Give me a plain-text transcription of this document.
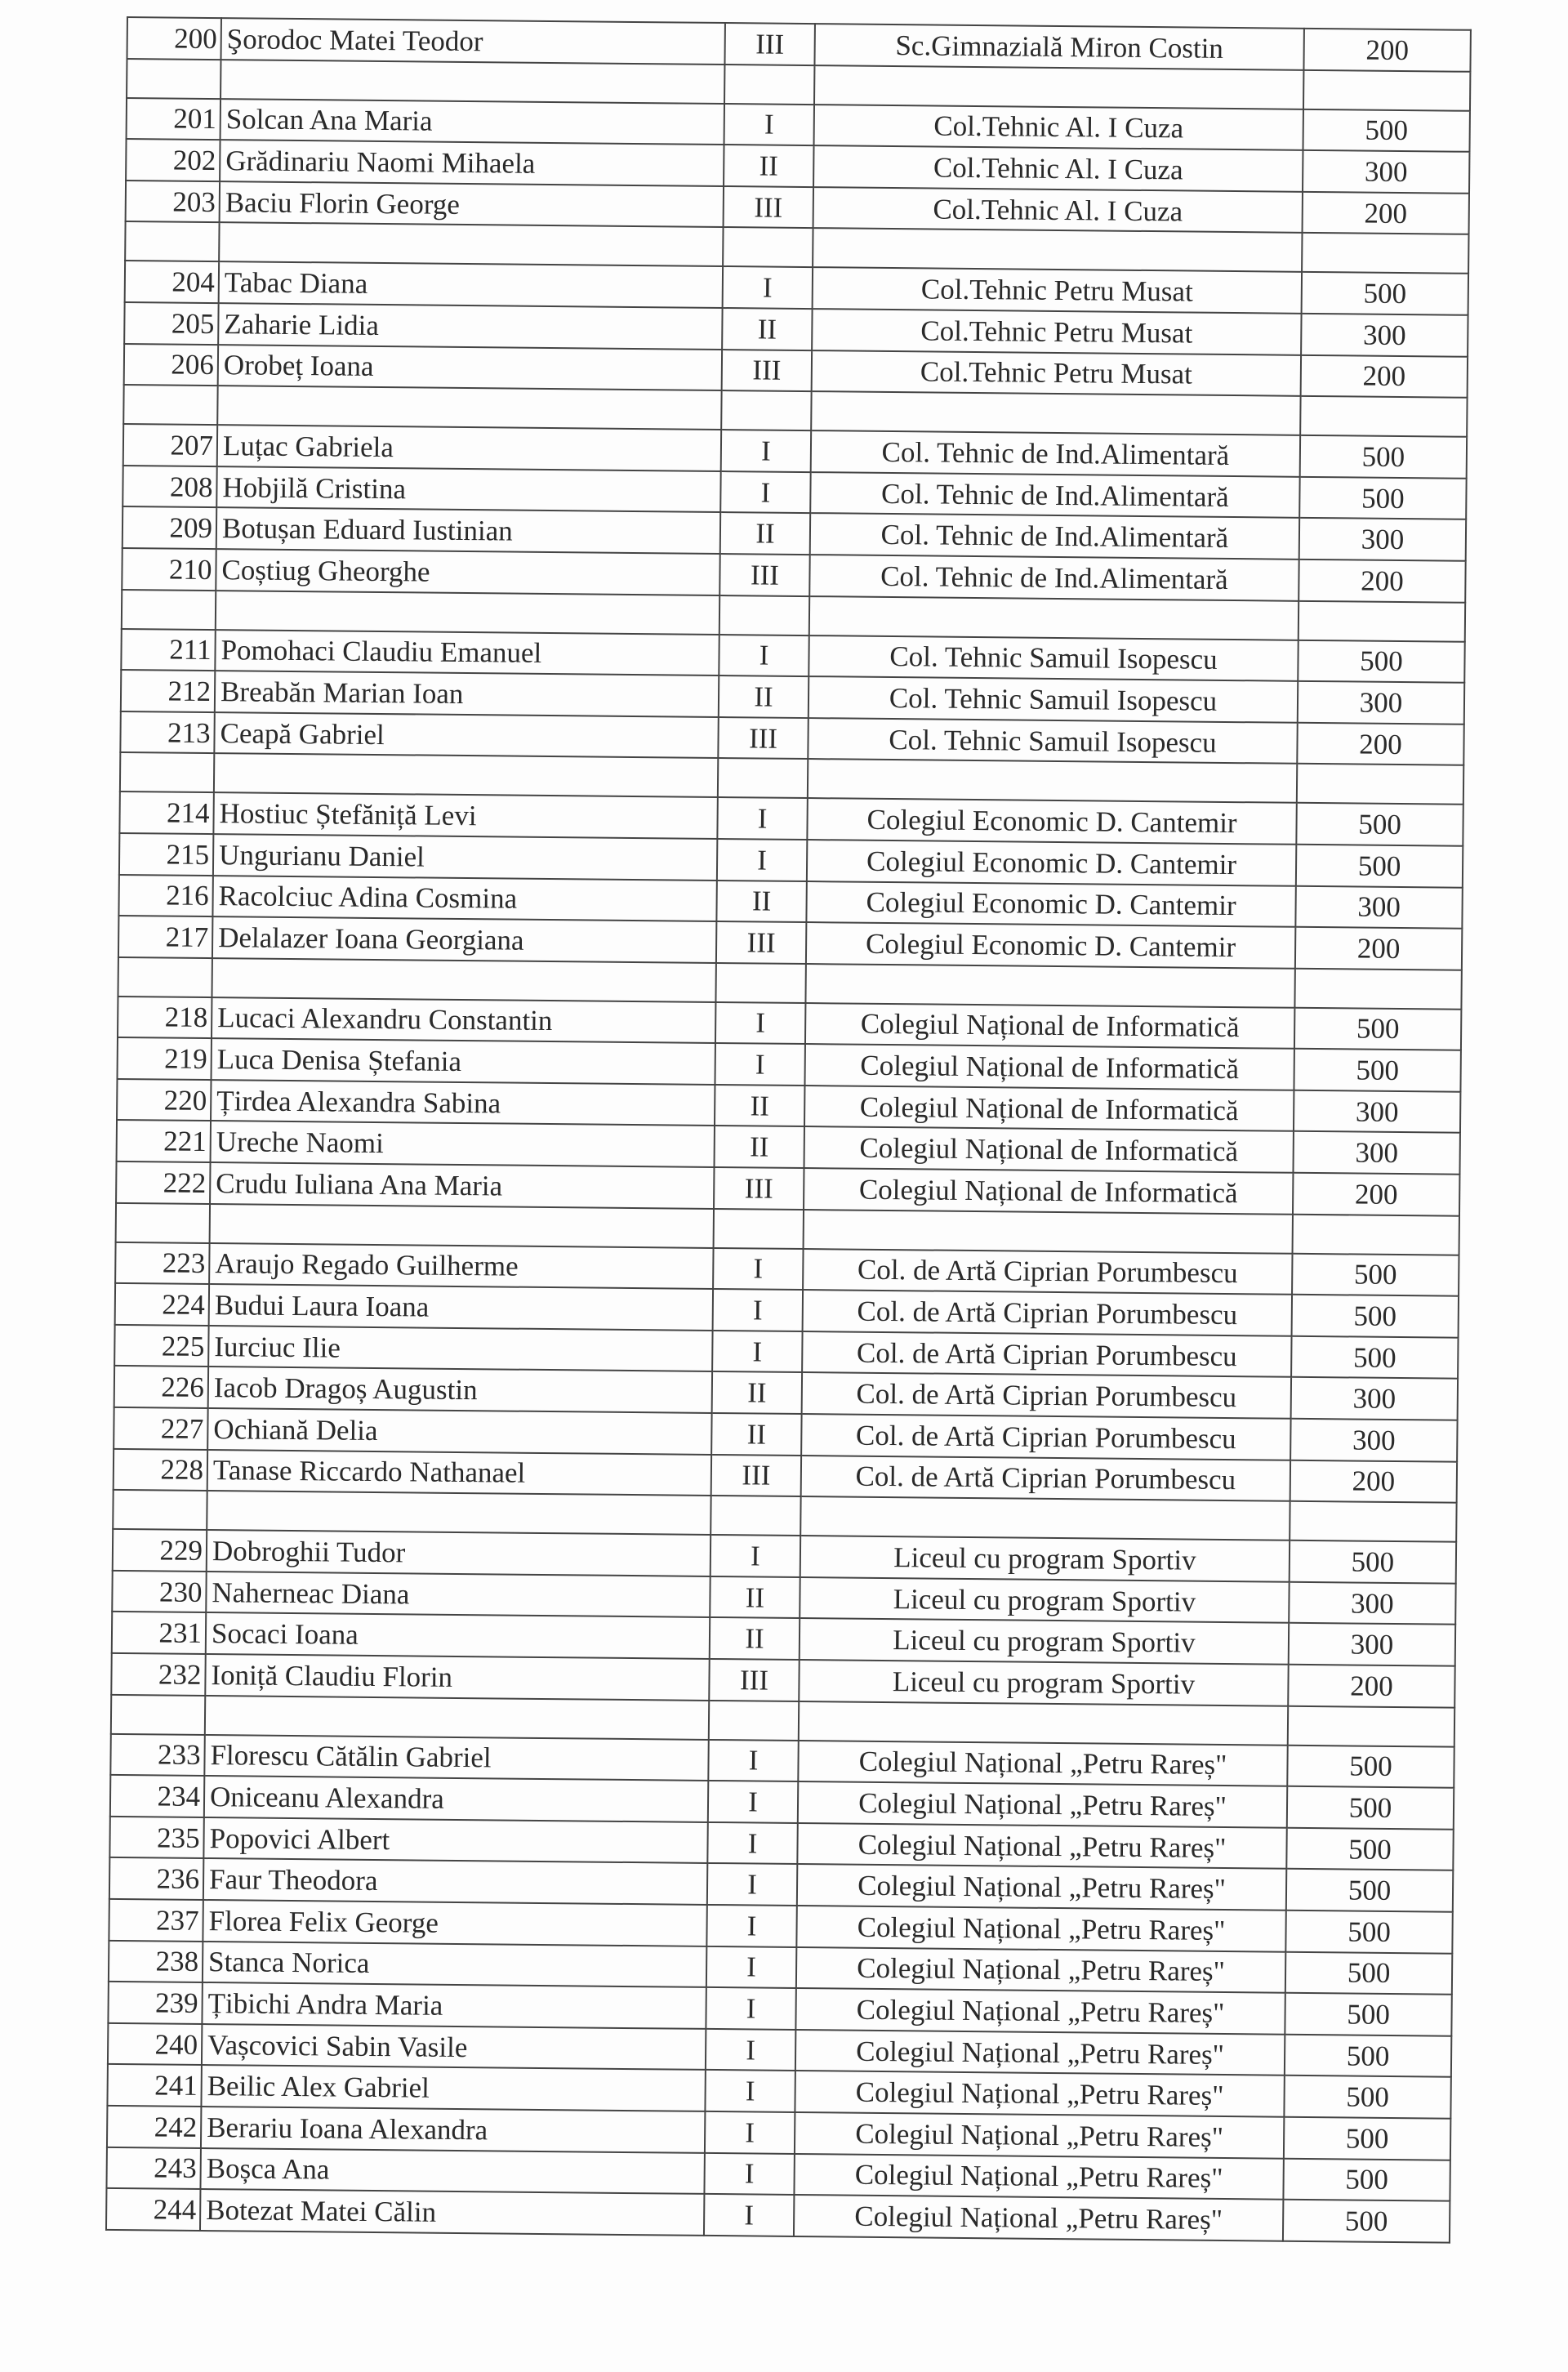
200	Şorodoc Matei Teodor	III	Sc.Gimnazială Miron Costin	200

201	Solcan Ana Maria	I	Col.Tehnic Al. I Cuza	500
202	Grădinariu Naomi Mihaela	II	Col.Tehnic Al. I Cuza	300
203	Baciu Florin George	III	Col.Tehnic Al. I Cuza	200

204	Tabac Diana	I	Col.Tehnic Petru Musat	500
205	Zaharie Lidia	II	Col.Tehnic Petru Musat	300
206	Orobeț Ioana	III	Col.Tehnic Petru Musat	200

207	Luțac Gabriela	I	Col. Tehnic de Ind.Alimentară	500
208	Hobjilă Cristina	I	Col. Tehnic de Ind.Alimentară	500
209	Botușan Eduard Iustinian	II	Col. Tehnic de Ind.Alimentară	300
210	Coștiug Gheorghe	III	Col. Tehnic de Ind.Alimentară	200

211	Pomohaci Claudiu Emanuel	I	Col. Tehnic Samuil Isopescu	500
212	Breabăn Marian Ioan	II	Col. Tehnic Samuil Isopescu	300
213	Ceapă Gabriel	III	Col. Tehnic Samuil Isopescu	200

214	Hostiuc Ștefăniță Levi	I	Colegiul Economic D. Cantemir	500
215	Ungurianu Daniel	I	Colegiul Economic D. Cantemir	500
216	Racolciuc Adina Cosmina	II	Colegiul Economic D. Cantemir	300
217	Delalazer Ioana Georgiana	III	Colegiul Economic D. Cantemir	200

218	Lucaci Alexandru Constantin	I	Colegiul Național de Informatică	500
219	Luca Denisa Ștefania	I	Colegiul Național de Informatică	500
220	Țirdea Alexandra Sabina	II	Colegiul Național de Informatică	300
221	Ureche Naomi	II	Colegiul Național de Informatică	300
222	Crudu Iuliana Ana Maria	III	Colegiul Național de Informatică	200

223	Araujo Regado Guilherme	I	Col. de Artă Ciprian Porumbescu	500
224	Budui Laura Ioana	I	Col. de Artă Ciprian Porumbescu	500
225	Iurciuc Ilie	I	Col. de Artă Ciprian Porumbescu	500
226	Iacob Dragoș Augustin	II	Col. de Artă Ciprian Porumbescu	300
227	Ochiană Delia	II	Col. de Artă Ciprian Porumbescu	300
228	Tanase Riccardo Nathanael	III	Col. de Artă Ciprian Porumbescu	200

229	Dobroghii Tudor	I	Liceul cu program Sportiv	500
230	Naherneac Diana	II	Liceul cu program Sportiv	300
231	Socaci Ioana	II	Liceul cu program Sportiv	300
232	Ioniță Claudiu Florin	III	Liceul cu program Sportiv	200

233	Florescu Cătălin Gabriel	I	Colegiul Național „Petru Rareș"	500
234	Oniceanu Alexandra	I	Colegiul Național „Petru Rareș"	500
235	Popovici Albert	I	Colegiul Național „Petru Rareș"	500
236	Faur Theodora	I	Colegiul Național „Petru Rareș"	500
237	Florea Felix George	I	Colegiul Național „Petru Rareș"	500
238	Stanca Norica	I	Colegiul Național „Petru Rareș"	500
239	Țibichi Andra Maria	I	Colegiul Național „Petru Rareș"	500
240	Vașcovici Sabin Vasile	I	Colegiul Național „Petru Rareș"	500
241	Beilic Alex Gabriel	I	Colegiul Național „Petru Rareș"	500
242	Berariu Ioana Alexandra	I	Colegiul Național „Petru Rareș"	500
243	Boșca Ana	I	Colegiul Național „Petru Rareș"	500
244	Botezat Matei Călin	I	Colegiul Național „Petru Rareș"	500
